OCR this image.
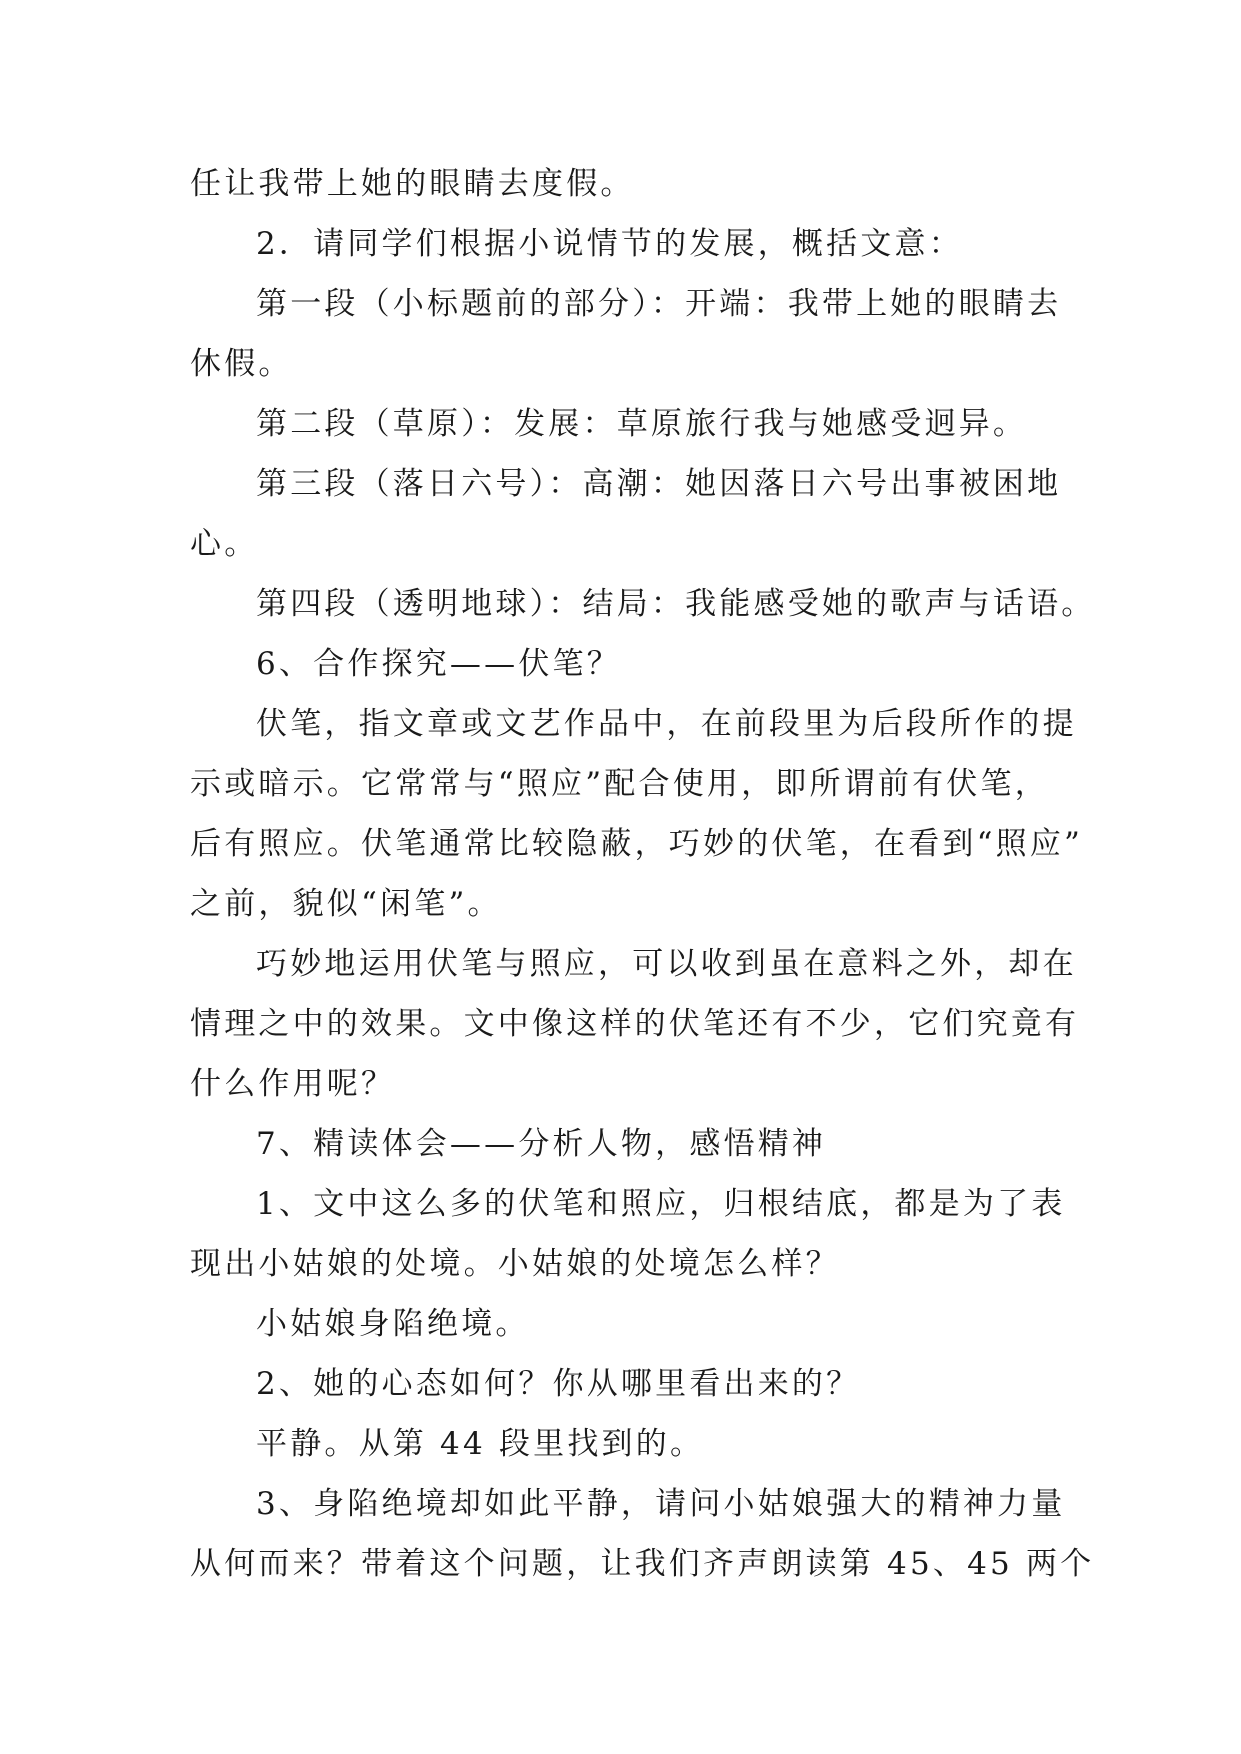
任让我带上她的眼睛去度假。
2．请同学们根据小说情节的发展，概括文意：
第一段（小标题前的部分）：开端：我带上她的眼睛去
休假。
第二段（草原）：发展：草原旅行我与她感受迥异。
第三段（落日六号）：高潮：她因落日六号出事被困地
心。
第四段（透明地球）：结局：我能感受她的歌声与话语。
6、合作探究——伏笔？
伏笔，指文章或文艺作品中，在前段里为后段所作的提
示或暗示。它常常与“照应”配合使用，即所谓前有伏笔，
后有照应。伏笔通常比较隐蔽，巧妙的伏笔，在看到“照应”
之前，貌似“闲笔”。
巧妙地运用伏笔与照应，可以收到虽在意料之外，却在
情理之中的效果。文中像这样的伏笔还有不少，它们究竟有
什么作用呢？
7、精读体会——分析人物，感悟精神
1、文中这么多的伏笔和照应，归根结底，都是为了表
现出小姑娘的处境。小姑娘的处境怎么样？
小姑娘身陷绝境。
2、她的心态如何？你从哪里看出来的？
平静。从第 44 段里找到的。
3、身陷绝境却如此平静，请问小姑娘强大的精神力量
从何而来？带着这个问题，让我们齐声朗读第 45、45 两个
